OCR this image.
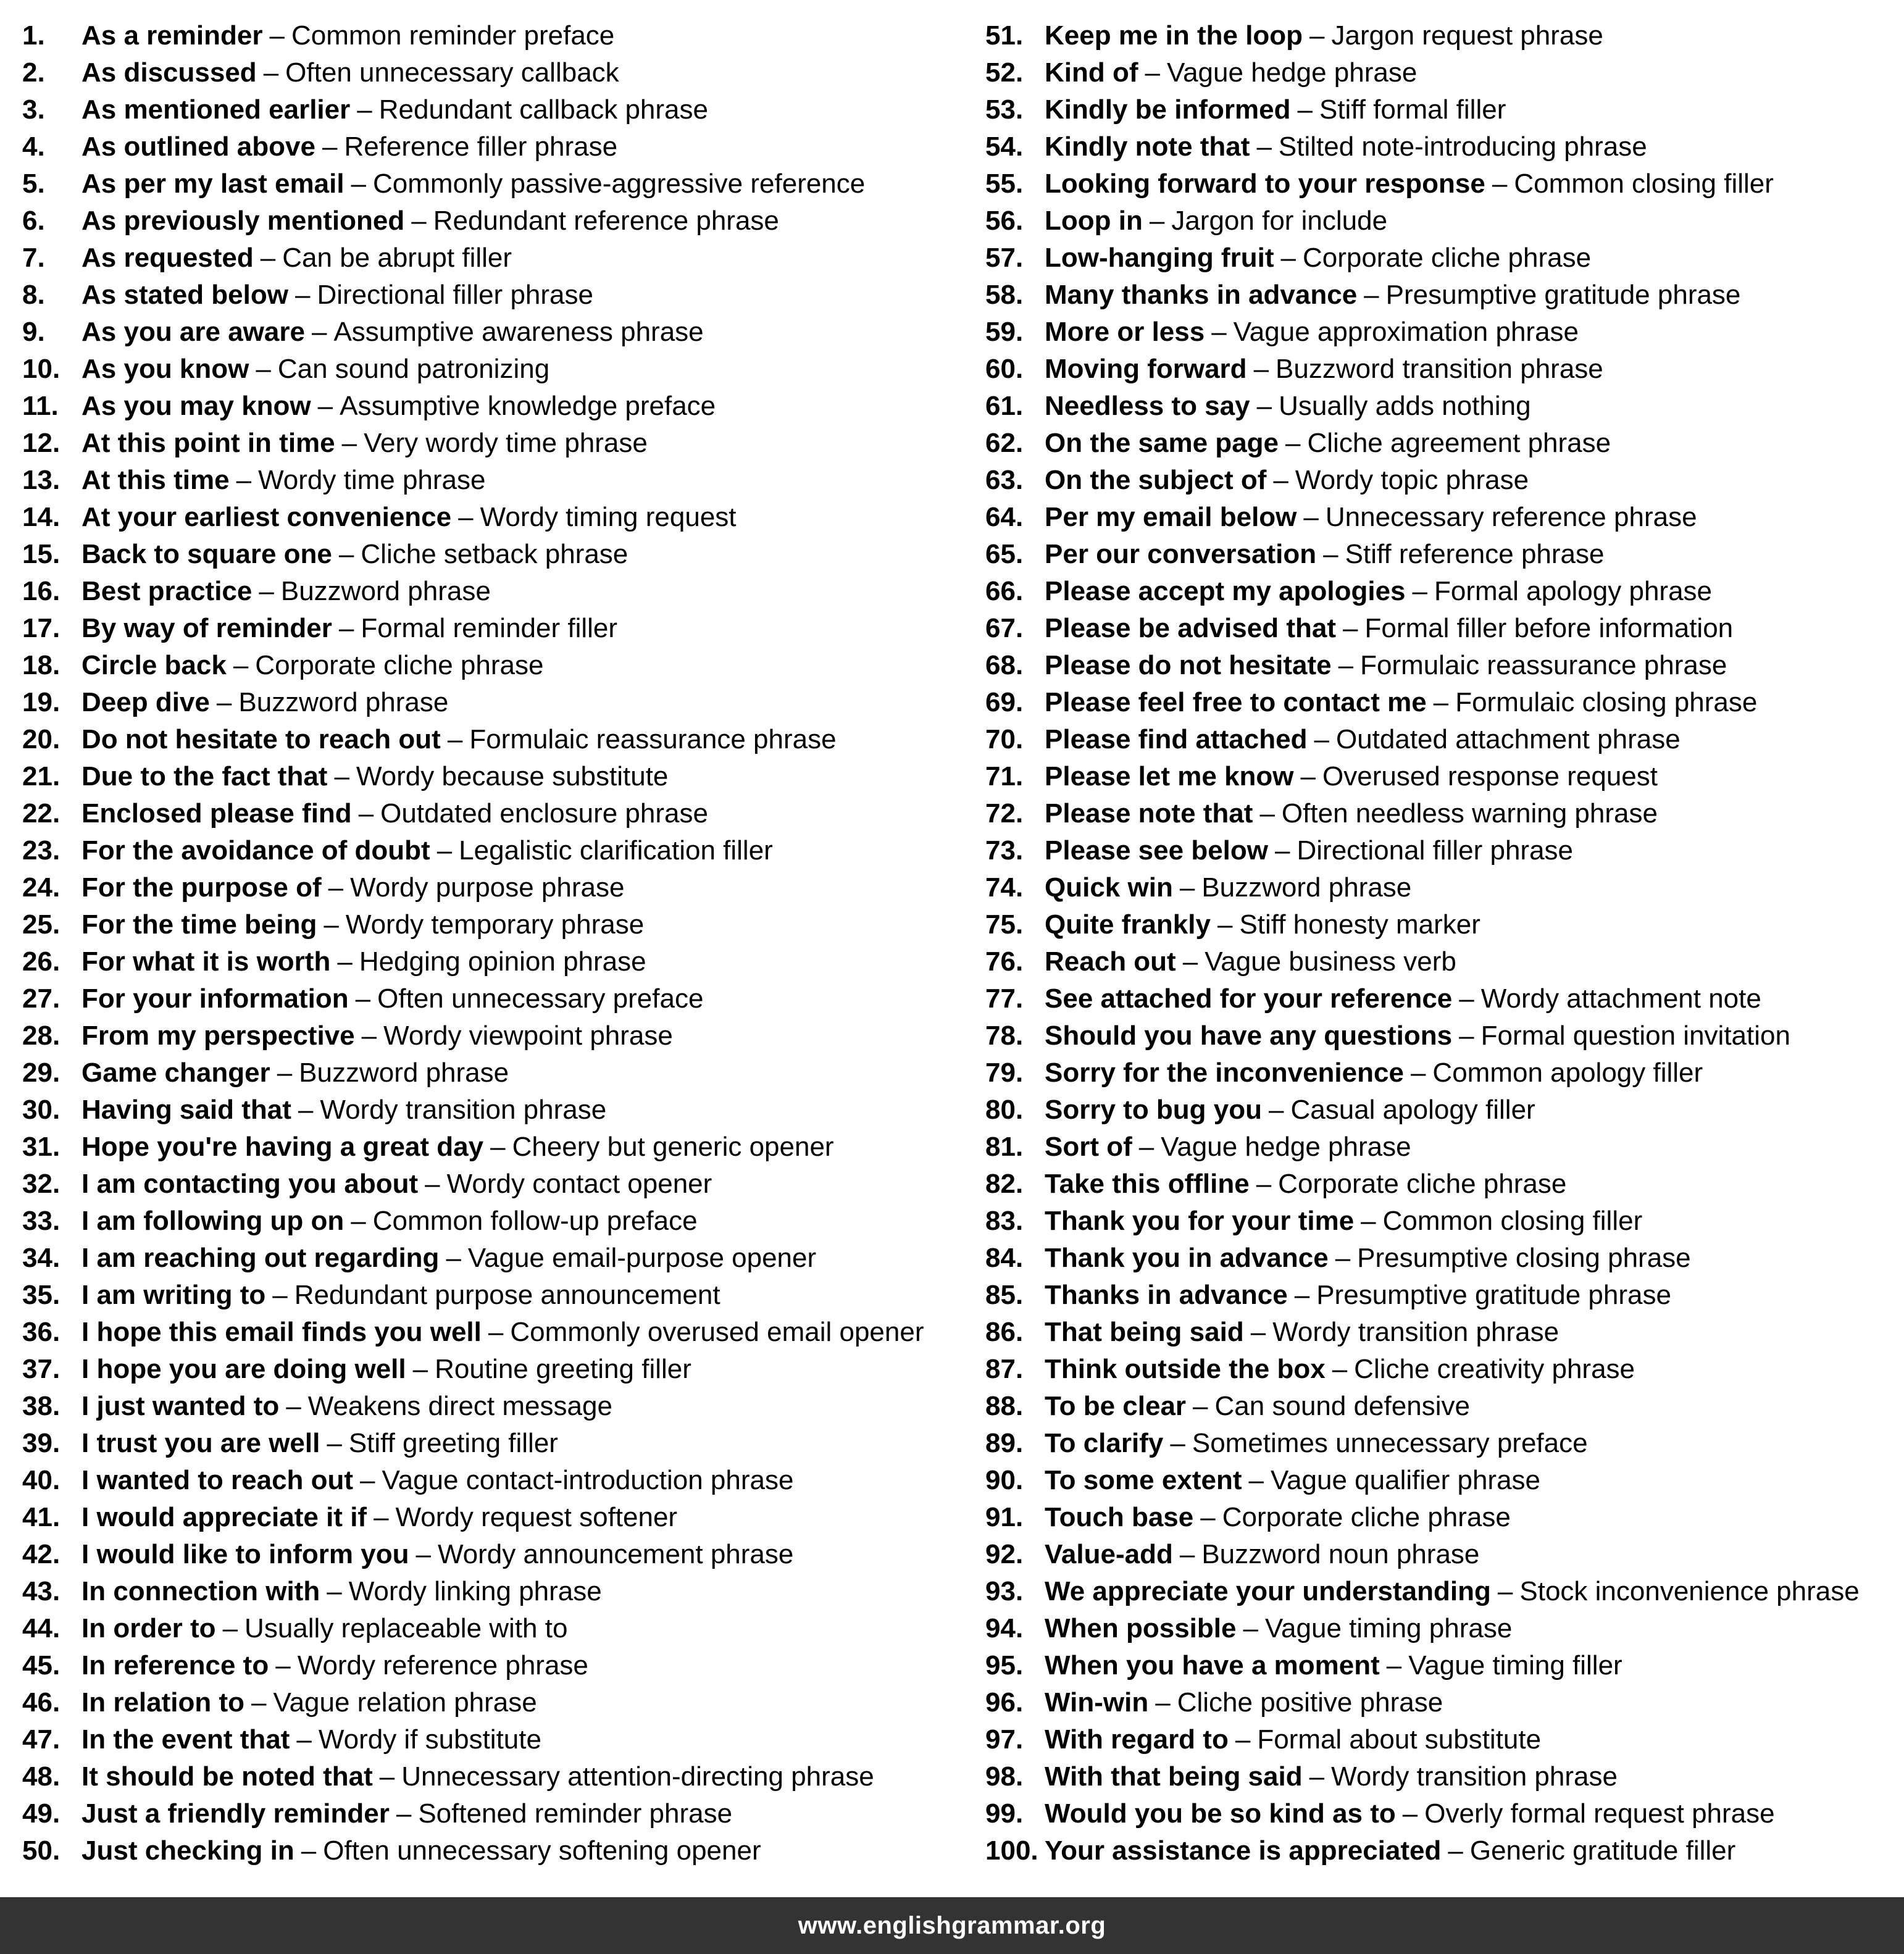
1.	As a reminder – Common reminder preface
2.	As discussed – Often unnecessary callback
3.	As mentioned earlier – Redundant callback phrase
4.	As outlined above – Reference filler phrase
5.	As per my last email – Commonly passive-aggressive reference
6.	As previously mentioned – Redundant reference phrase
7.	As requested – Can be abrupt filler
8.	As stated below – Directional filler phrase
9.	As you are aware – Assumptive awareness phrase
10. As you know – Can sound patronizing
11. As you may know – Assumptive knowledge preface
12. At this point in time – Very wordy time phrase
13. At this time – Wordy time phrase
14. At your earliest convenience – Wordy timing request
15. Back to square one – Cliche setback phrase
16. Best practice – Buzzword phrase
17. By way of reminder – Formal reminder filler
18. Circle back – Corporate cliche phrase
19. Deep dive – Buzzword phrase
20. Do not hesitate to reach out – Formulaic reassurance phrase
21. Due to the fact that – Wordy because substitute
22. Enclosed please find – Outdated enclosure phrase
23. For the avoidance of doubt – Legalistic clarification filler
24. For the purpose of – Wordy purpose phrase
25. For the time being – Wordy temporary phrase
26. For what it is worth – Hedging opinion phrase
27. For your information – Often unnecessary preface
28. From my perspective – Wordy viewpoint phrase
29. Game changer – Buzzword phrase
30. Having said that – Wordy transition phrase
31. Hope you're having a great day – Cheery but generic opener
32. I am contacting you about – Wordy contact opener
33. I am following up on – Common follow-up preface
34. I am reaching out regarding – Vague email-purpose opener
35. I am writing to – Redundant purpose announcement
36. I hope this email finds you well – Commonly overused email opener
37. I hope you are doing well – Routine greeting filler
38. I just wanted to – Weakens direct message
39. I trust you are well – Stiff greeting filler
40. I wanted to reach out – Vague contact-introduction phrase
41. I would appreciate it if – Wordy request softener
42. I would like to inform you – Wordy announcement phrase
43. In connection with – Wordy linking phrase
44. In order to – Usually replaceable with to
45. In reference to – Wordy reference phrase
46. In relation to – Vague relation phrase
47. In the event that – Wordy if substitute
48. It should be noted that – Unnecessary attention-directing phrase
49. Just a friendly reminder – Softened reminder phrase
50. Just checking in – Often unnecessary softening opener
51. Keep me in the loop – Jargon request phrase
52. Kind of – Vague hedge phrase
53. Kindly be informed – Stiff formal filler
54. Kindly note that – Stilted note-introducing phrase
55. Looking forward to your response – Common closing filler
56. Loop in – Jargon for include
57. Low-hanging fruit – Corporate cliche phrase
58. Many thanks in advance – Presumptive gratitude phrase
59. More or less – Vague approximation phrase
60. Moving forward – Buzzword transition phrase
61. Needless to say – Usually adds nothing
62. On the same page – Cliche agreement phrase
63. On the subject of – Wordy topic phrase
64. Per my email below – Unnecessary reference phrase
65. Per our conversation – Stiff reference phrase
66. Please accept my apologies – Formal apology phrase
67. Please be advised that – Formal filler before information
68. Please do not hesitate – Formulaic reassurance phrase
69. Please feel free to contact me – Formulaic closing phrase
70. Please find attached – Outdated attachment phrase
71. Please let me know – Overused response request
72. Please note that – Often needless warning phrase
73. Please see below – Directional filler phrase
74. Quick win – Buzzword phrase
75. Quite frankly – Stiff honesty marker
76. Reach out – Vague business verb
77. See attached for your reference – Wordy attachment note
78. Should you have any questions – Formal question invitation
79. Sorry for the inconvenience – Common apology filler
80. Sorry to bug you – Casual apology filler
81. Sort of – Vague hedge phrase
82. Take this offline – Corporate cliche phrase
83. Thank you for your time – Common closing filler
84. Thank you in advance – Presumptive closing phrase
85. Thanks in advance – Presumptive gratitude phrase
86. That being said – Wordy transition phrase
87. Think outside the box – Cliche creativity phrase
88. To be clear – Can sound defensive
89. To clarify – Sometimes unnecessary preface
90. To some extent – Vague qualifier phrase
91. Touch base – Corporate cliche phrase
92. Value-add – Buzzword noun phrase
93. We appreciate your understanding – Stock inconvenience phrase
94. When possible – Vague timing phrase
95. When you have a moment – Vague timing filler
96. Win-win – Cliche positive phrase
97. With regard to – Formal about substitute
98. With that being said – Wordy transition phrase
99. Would you be so kind as to – Overly formal request phrase
100. Your assistance is appreciated – Generic gratitude filler
www.englishgrammar.org
